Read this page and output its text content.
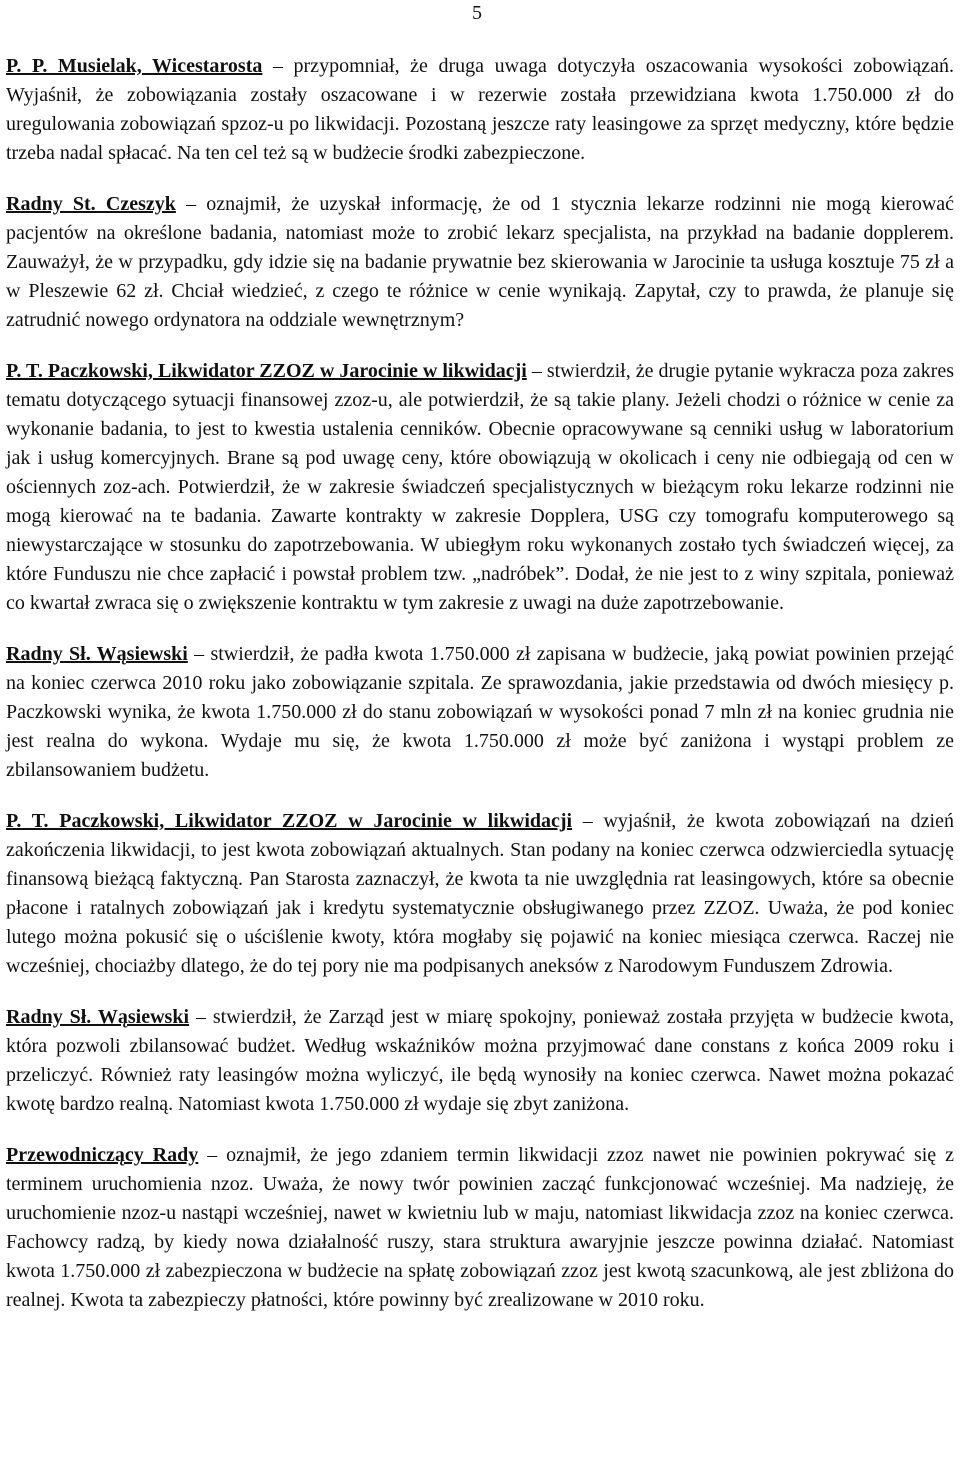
5

P. P. Musielak, Wicestarosta – przypomniał, że druga uwaga dotyczyła oszacowania wysokości zobowiązań. Wyjaśnił, że zobowiązania zostały oszacowane i w rezerwie została przewidziana kwota 1.750.000 zł do uregulowania zobowiązań spzoz-u po likwidacji. Pozostaną jeszcze raty leasingowe za sprzęt medyczny, które będzie trzeba nadal spłacać. Na ten cel też są w budżecie środki zabezpieczone.

Radny St. Czeszyk – oznajmił, że uzyskał informację, że od 1 stycznia lekarze rodzinni nie mogą kierować pacjentów na określone badania, natomiast może to zrobić lekarz specjalista, na przykład na badanie dopplerem. Zauważył, że w przypadku, gdy idzie się na badanie prywatnie bez skierowania w Jarocinie ta usługa kosztuje 75 zł a w Pleszewie 62 zł. Chciał wiedzieć, z czego te różnice w cenie wynikają. Zapytał, czy to prawda, że planuje się zatrudnić nowego ordynatora na oddziale wewnętrznym?

P. T. Paczkowski, Likwidator ZZOZ w Jarocinie w likwidacji – stwierdził, że drugie pytanie wykracza poza zakres tematu dotyczącego sytuacji finansowej zzoz-u, ale potwierdził, że są takie plany. Jeżeli chodzi o różnice w cenie za wykonanie badania, to jest to kwestia ustalenia cenników. Obecnie opracowywane są cenniki usług w laboratorium jak i usług komercyjnych. Brane są pod uwagę ceny, które obowiązują w okolicach i ceny nie odbiegają od cen w ościennych zoz-ach. Potwierdził, że w zakresie świadczeń specjalistycznych w bieżącym roku lekarze rodzinni nie mogą kierować na te badania. Zawarte kontrakty w zakresie Dopplera, USG czy tomografu komputerowego są niewystarczające w stosunku do zapotrzebowania. W ubiegłym roku wykonanych zostało tych świadczeń więcej, za które Funduszu nie chce zapłacić i powstał problem tzw. „nadróbek”. Dodał, że nie jest to z winy szpitala, ponieważ co kwartał zwraca się o zwiększenie kontraktu w tym zakresie z uwagi na duże zapotrzebowanie.

Radny Sł. Wąsiewski – stwierdził, że padła kwota 1.750.000 zł zapisana w budżecie, jaką powiat powinien przejąć na koniec czerwca 2010 roku jako zobowiązanie szpitala. Ze sprawozdania, jakie przedstawia od dwóch miesięcy p. Paczkowski wynika, że kwota 1.750.000 zł do stanu zobowiązań w wysokości ponad 7 mln zł na koniec grudnia nie jest realna do wykona. Wydaje mu się, że kwota 1.750.000 zł może być zaniżona i wystąpi problem ze zbilansowaniem budżetu.

P. T. Paczkowski, Likwidator ZZOZ w Jarocinie w likwidacji – wyjaśnił, że kwota zobowiązań na dzień zakończenia likwidacji, to jest kwota zobowiązań aktualnych. Stan podany na koniec czerwca odzwierciedla sytuację finansową bieżącą faktyczną. Pan Starosta zaznaczył, że kwota ta nie uwzględnia rat leasingowych, które sa obecnie płacone i ratalnych zobowiązań jak i kredytu systematycznie obsługiwanego przez ZZOZ. Uważa, że pod koniec lutego można pokusić się o uściślenie kwoty, która mogłaby się pojawić na koniec miesiąca czerwca. Raczej nie wcześniej, chociażby dlatego, że do tej pory nie ma podpisanych aneksów z Narodowym Funduszem Zdrowia.

Radny Sł. Wąsiewski – stwierdził, że Zarząd jest w miarę spokojny, ponieważ została przyjęta w budżecie kwota, która pozwoli zbilansować budżet. Według wskaźników można przyjmować dane constans z końca 2009 roku i przeliczyć. Również raty leasingów można wyliczyć, ile będą wynosiły na koniec czerwca. Nawet można pokazać kwotę bardzo realną. Natomiast kwota 1.750.000 zł wydaje się zbyt zaniżona.

Przewodniczący Rady – oznajmił, że jego zdaniem termin likwidacji zzoz nawet nie powinien pokrywać się z terminem uruchomienia nzoz. Uważa, że nowy twór powinien zacząć funkcjonować wcześniej. Ma nadzieję, że uruchomienie nzoz-u nastąpi wcześniej, nawet w kwietniu lub w maju, natomiast likwidacja zzoz na koniec czerwca. Fachowcy radzą, by kiedy nowa działalność ruszy, stara struktura awaryjnie jeszcze powinna działać. Natomiast kwota 1.750.000 zł zabezpieczona w budżecie na spłatę zobowiązań zzoz jest kwotą szacunkową, ale jest zbliżona do realnej. Kwota ta zabezpieczy płatności, które powinny być zrealizowane w 2010 roku.
